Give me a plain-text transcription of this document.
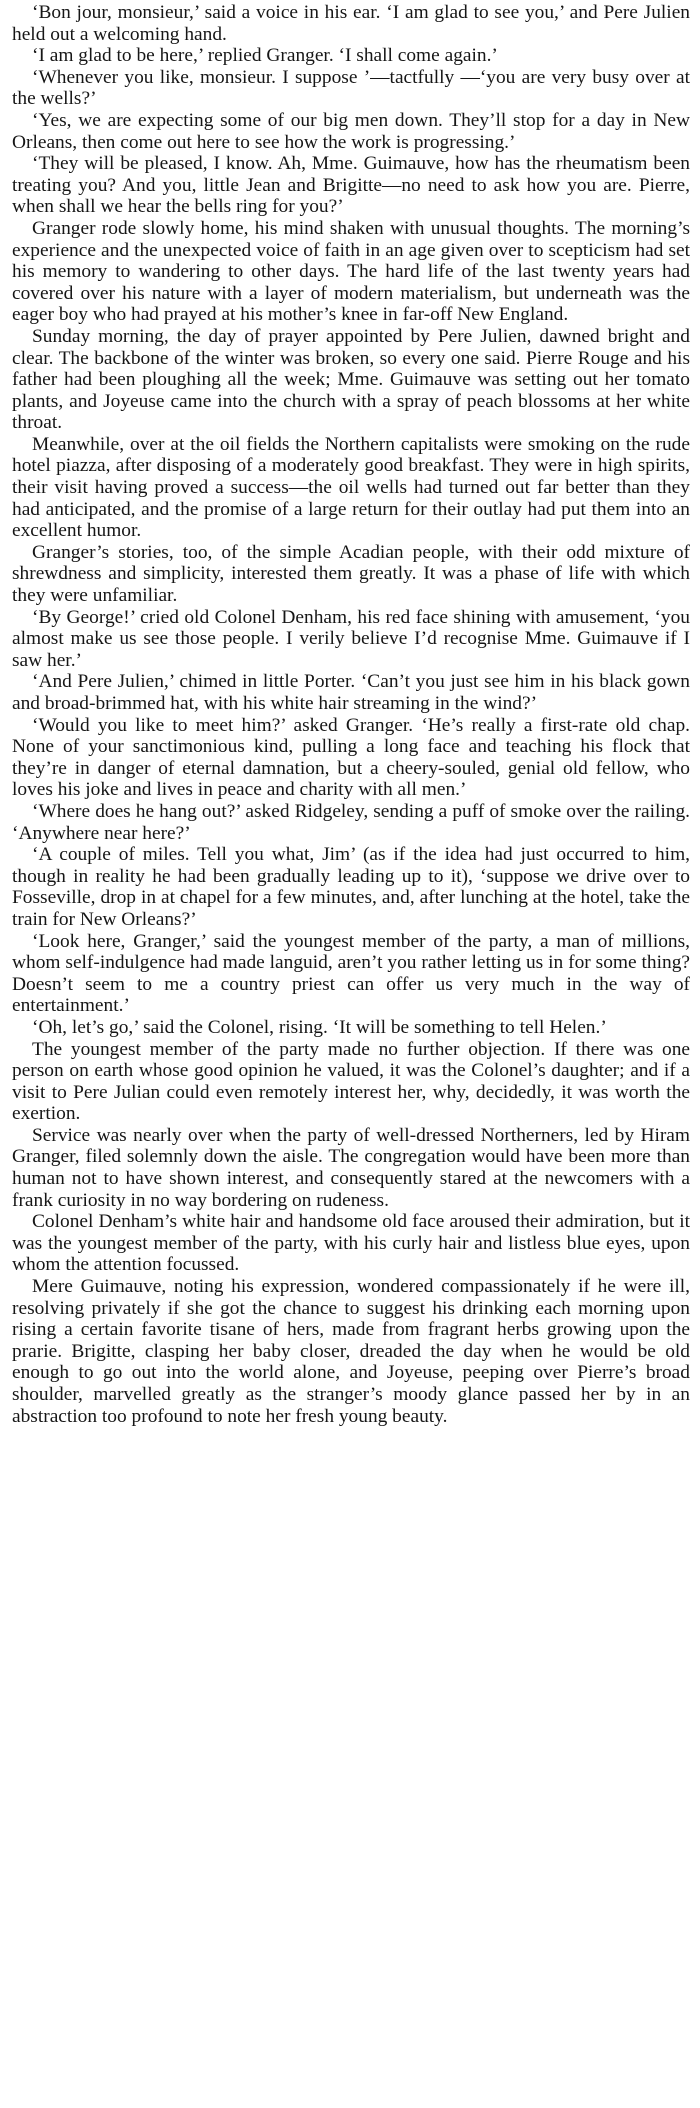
‘Bon jour, monsieur,’ said a voice in his ear. ‘I am glad to see you,’ and Pere Julien held out a welcoming hand.

‘I am glad to be here,’ replied Granger. ‘I shall come again.’

‘Whenever you like, monsieur. I suppose ’—tactfully —‘you are very busy over at the wells?’

‘Yes, we are expecting some of our big men down. They’ll stop for a day in New Orleans, then come out here to see how the work is progressing.’

‘They will be pleased, I know. Ah, Mme. Guimauve, how has the rheumatism been treating you? And you, little Jean and Brigitte—no need to ask how you are. Pierre, when shall we hear the bells ring for you?’

Granger rode slowly home, his mind shaken with unusual thoughts. The morning’s experience and the unexpected voice of faith in an age given over to scepticism had set his memory to wandering to other days. The hard life of the last twenty years had covered over his nature with a layer of modern materialism, but underneath was the eager boy who had prayed at his mother’s knee in far-off New England.

Sunday morning, the day of prayer appointed by Pere Julien, dawned bright and clear. The backbone of the winter was broken, so every one said. Pierre Rouge and his father had been ploughing all the week; Mme. Guimauve was setting out her tomato plants, and Joyeuse came into the church with a spray of peach blossoms at her white throat.

Meanwhile, over at the oil fields the Northern capitalists were smoking on the rude hotel piazza, after disposing of a moderately good breakfast. They were in high spirits, their visit having proved a success—the oil wells had turned out far better than they had anticipated, and the promise of a large return for their outlay had put them into an excellent humor.

Granger’s stories, too, of the simple Acadian people, with their odd mixture of shrewdness and simplicity, interested them greatly. It was a phase of life with which they were unfamiliar.

‘By George!’ cried old Colonel Denham, his red face shining with amusement, ‘you almost make us see those people. I verily believe I’d recognise Mme. Guimauve if I saw her.’

‘And Pere Julien,’ chimed in little Porter. ‘Can’t you just see him in his black gown and broad-brimmed hat, with his white hair streaming in the wind?’

‘Would you like to meet him?’ asked Granger. ‘He’s really a first-rate old chap. None of your sanctimonious kind, pulling a long face and teaching his flock that they’re in danger of eternal damnation, but a cheery-souled, genial old fellow, who loves his joke and lives in peace and charity with all men.’

‘Where does he hang out?’ asked Ridgeley, sending a puff of smoke over the railing. ‘Anywhere near here?’

‘A couple of miles. Tell you what, Jim’ (as if the idea had just occurred to him, though in reality he had been gradually leading up to it), ‘suppose we drive over to Fosseville, drop in at chapel for a few minutes, and, after lunching at the hotel, take the train for New Orleans?’

‘Look here, Granger,’ said the youngest member of the party, a man of millions, whom self-indulgence had made languid, aren’t you rather letting us in for some thing? Doesn’t seem to me a country priest can offer us very much in the way of entertainment.’

‘Oh, let’s go,’ said the Colonel, rising. ‘It will be something to tell Helen.’

The youngest member of the party made no further objection. If there was one person on earth whose good opinion he valued, it was the Colonel’s daughter; and if a visit to Pere Julian could even remotely interest her, why, decidedly, it was worth the exertion.

Service was nearly over when the party of well-dressed Northerners, led by Hiram Granger, filed solemnly down the aisle. The congregation would have been more than human not to have shown interest, and consequently stared at the newcomers with a frank curiosity in no way bordering on rudeness.

Colonel Denham’s white hair and handsome old face aroused their admiration, but it was the youngest member of the party, with his curly hair and listless blue eyes, upon whom the attention focussed.

Mere Guimauve, noting his expression, wondered compassionately if he were ill, resolving privately if she got the chance to suggest his drinking each morning upon rising a certain favorite tisane of hers, made from fragrant herbs growing upon the prarie. Brigitte, clasping her baby closer, dreaded the day when he would be old enough to go out into the world alone, and Joyeuse, peeping over Pierre’s broad shoulder, marvelled greatly as the stranger’s moody glance passed her by in an abstraction too profound to note her fresh young beauty.
